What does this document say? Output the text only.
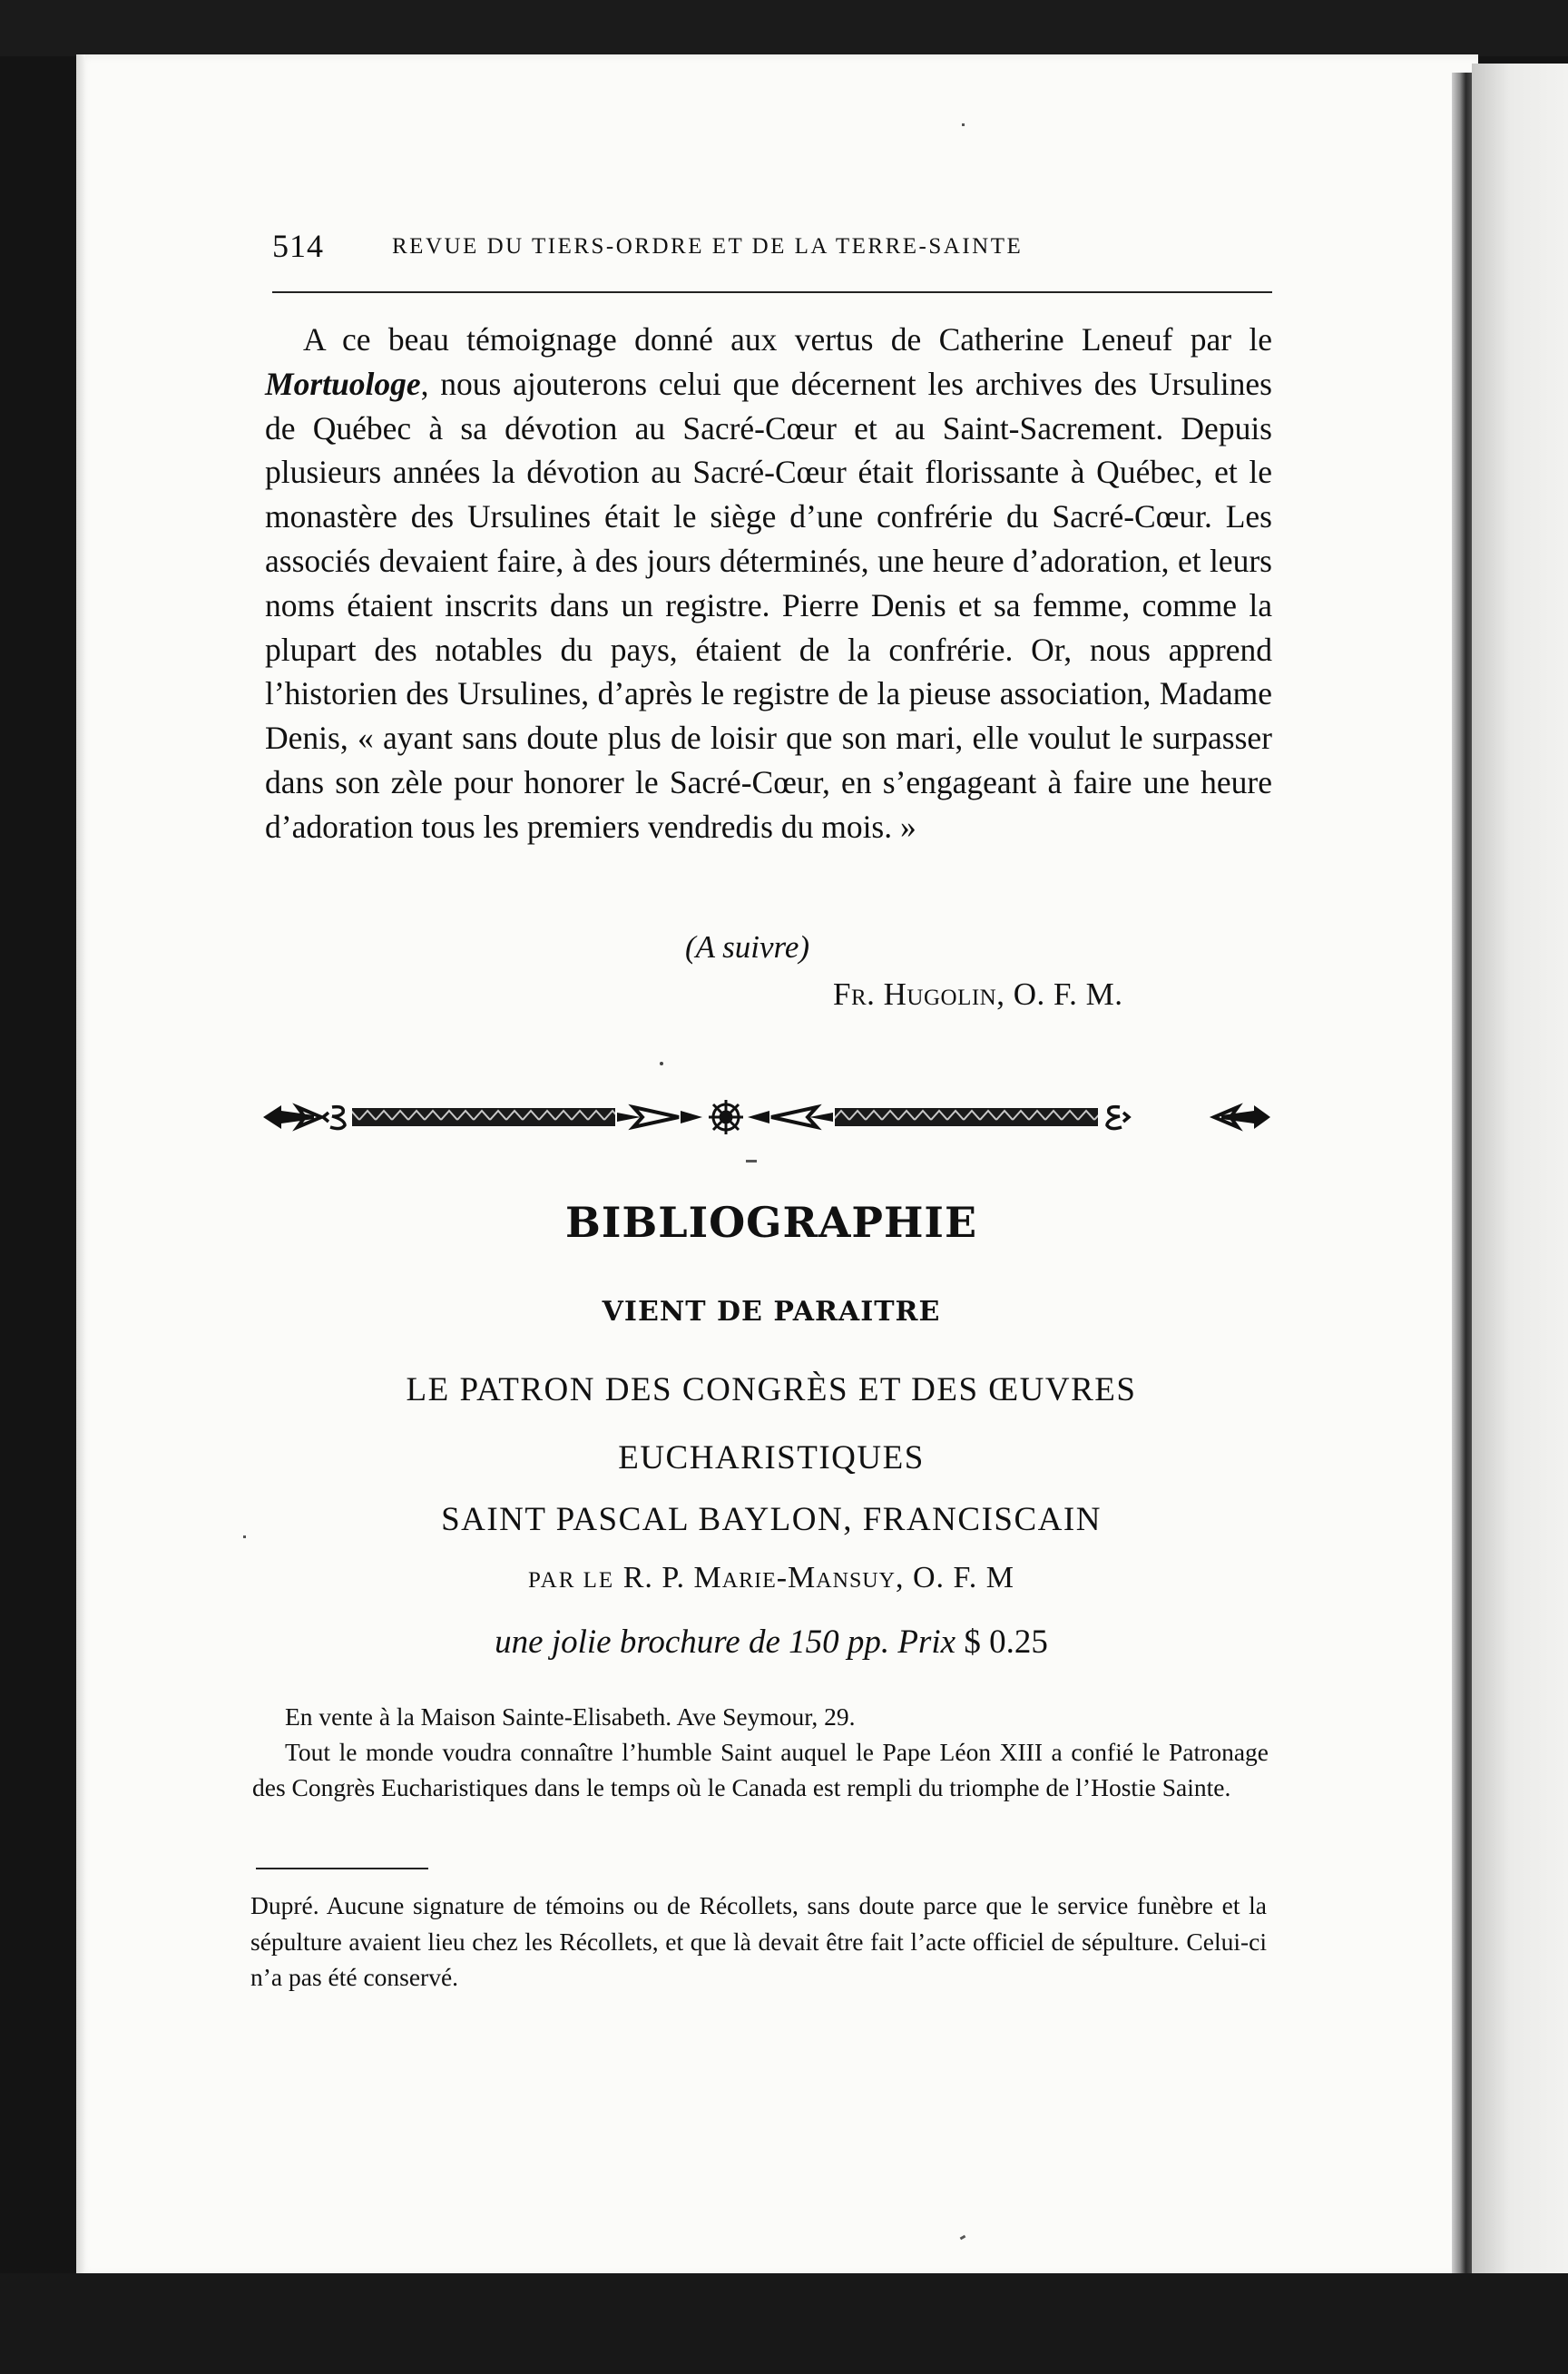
514	REVUE DU TIERS-ORDRE ET DE LA TERRE-SAINTE

A ce beau témoignage donné aux vertus de Catherine Leneuf par le Mortuologe, nous ajouterons celui que décernent les archives des Ursulines de Québec à sa dévotion au Sacré-Cœur et au Saint-Sacrement. Depuis plusieurs années la dévotion au Sacré-Cœur était florissante à Québec, et le monastère des Ursulines était le siège d’une confrérie du Sacré-Cœur. Les associés devaient faire, à des jours déterminés, une heure d’adoration, et leurs noms étaient inscrits dans un registre. Pierre Denis et sa femme, comme la plupart des notables du pays, étaient de la confrérie. Or, nous apprend l’historien des Ursulines, d’après le registre de la pieuse association, Madame Denis, « ayant sans doute plus de loisir que son mari, elle voulut le surpasser dans son zèle pour honorer le Sacré-Cœur, en s’engageant à faire une heure d’adoration tous les premiers vendredis du mois. »

(A suivre)
Fr. Hugolin, O. F. M.
BIBLIOGRAPHIE
VIENT DE PARAITRE
LE PATRON DES CONGRÈS ET DES ŒUVRES
EUCHARISTIQUES
SAINT PASCAL BAYLON, FRANCISCAIN
PAR LE R. P. Marie-Mansuy, O. F. M
une jolie brochure de 150 pp. Prix $ 0.25

En vente à la Maison Sainte-Elisabeth. Ave Seymour, 29.

Tout le monde voudra connaître l’humble Saint auquel le Pape Léon XIII a confié le Patronage des Congrès Eucharistiques dans le temps où le Canada est rempli du triomphe de l’Hostie Sainte.

Dupré. Aucune signature de témoins ou de Récollets, sans doute parce que le service funèbre et la sépulture avaient lieu chez les Récollets, et que là devait être fait l’acte officiel de sépulture. Celui-ci n’a pas été conservé.
